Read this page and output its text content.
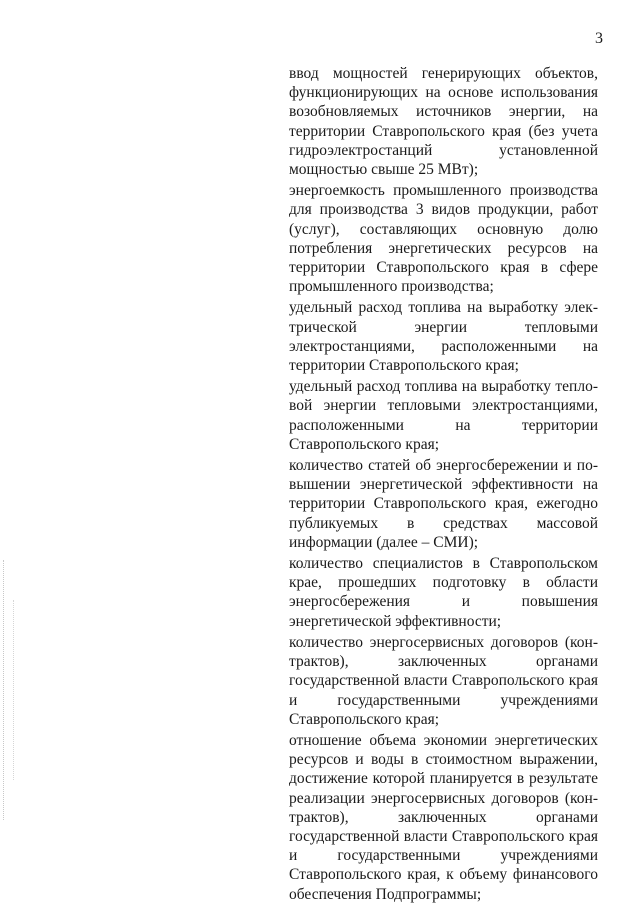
3

ввод мощностей генерирующих объектов, функционирующих на основе использования возобновляемых источников энергии, на территории Ставропольского края (без учета гидроэлектростанций установленной мощностью свыше 25 МВт);

энергоемкость промышленного производства для производства 3 видов продукции, работ (услуг), составляющих основную долю потребления энергетических ресурсов на территории Ставропольского края в сфере промышленного производства;

удельный расход топлива на выработку электрической энергии тепловыми электростанциями, расположенными на территории Ставропольского края;

удельный расход топлива на выработку тепловой энергии тепловыми электростанциями, расположенными на территории Ставропольского края;

количество статей об энергосбережении и повышении энергетической эффективности на территории Ставропольского края, ежегодно публикуемых в средствах массовой информации (далее – СМИ);

количество специалистов в Ставропольском крае, прошедших подготовку в области энергосбережения и повышения энергетической эффективности;

количество энергосервисных договоров (контрактов), заключенных органами государственной власти Ставропольского края и государственными учреждениями Ставропольского края;

отношение объема экономии энергетических ресурсов и воды в стоимостном выражении, достижение которой планируется в результате реализации энергосервисных договоров (контрактов), заключенных органами государственной власти Ставропольского края и государственными учреждениями Ставропольского края, к объему финансового обеспечения Подпрограммы;
